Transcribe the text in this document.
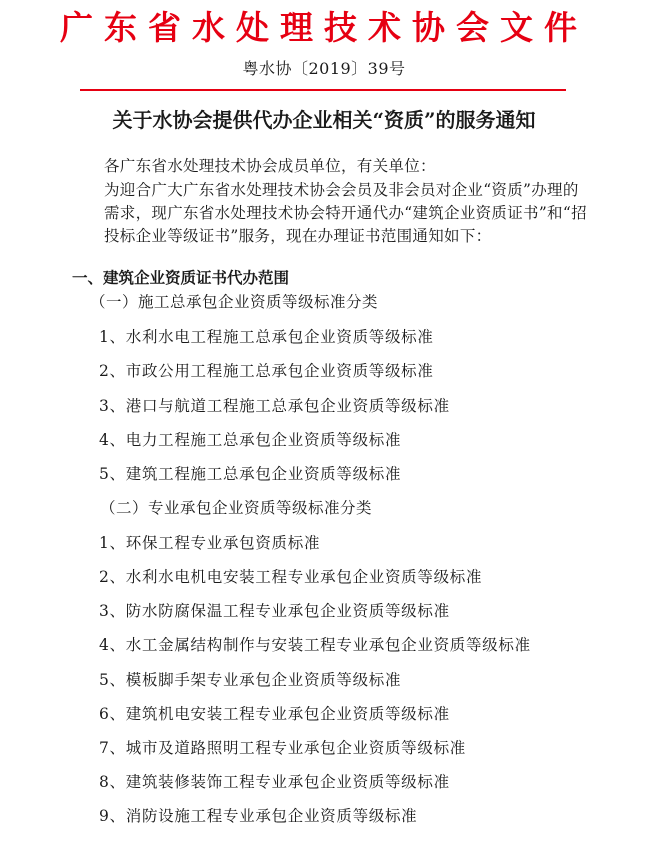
广东省水处理技术协会文件
粤水协〔2019〕39号
关于水协会提供代办企业相关“资质”的服务通知
各广东省水处理技术协会成员单位，有关单位：
为迎合广大广东省水处理技术协会会员及非会员对企业“资质”办理的
需求，现广东省水处理技术协会特开通代办“建筑企业资质证书”和“招
投标企业等级证书”服务，现在办理证书范围通知如下：
一、建筑企业资质证书代办范围
（一）施工总承包企业资质等级标准分类
1、水利水电工程施工总承包企业资质等级标准
2、市政公用工程施工总承包企业资质等级标准
3、港口与航道工程施工总承包企业资质等级标准
4、电力工程施工总承包企业资质等级标准
5、建筑工程施工总承包企业资质等级标准
（二）专业承包企业资质等级标准分类
1、环保工程专业承包资质标准
2、水利水电机电安装工程专业承包企业资质等级标准
3、防水防腐保温工程专业承包企业资质等级标准
4、水工金属结构制作与安装工程专业承包企业资质等级标准
5、模板脚手架专业承包企业资质等级标准
6、建筑机电安装工程专业承包企业资质等级标准
7、城市及道路照明工程专业承包企业资质等级标准
8、建筑装修装饰工程专业承包企业资质等级标准
9、消防设施工程专业承包企业资质等级标准
